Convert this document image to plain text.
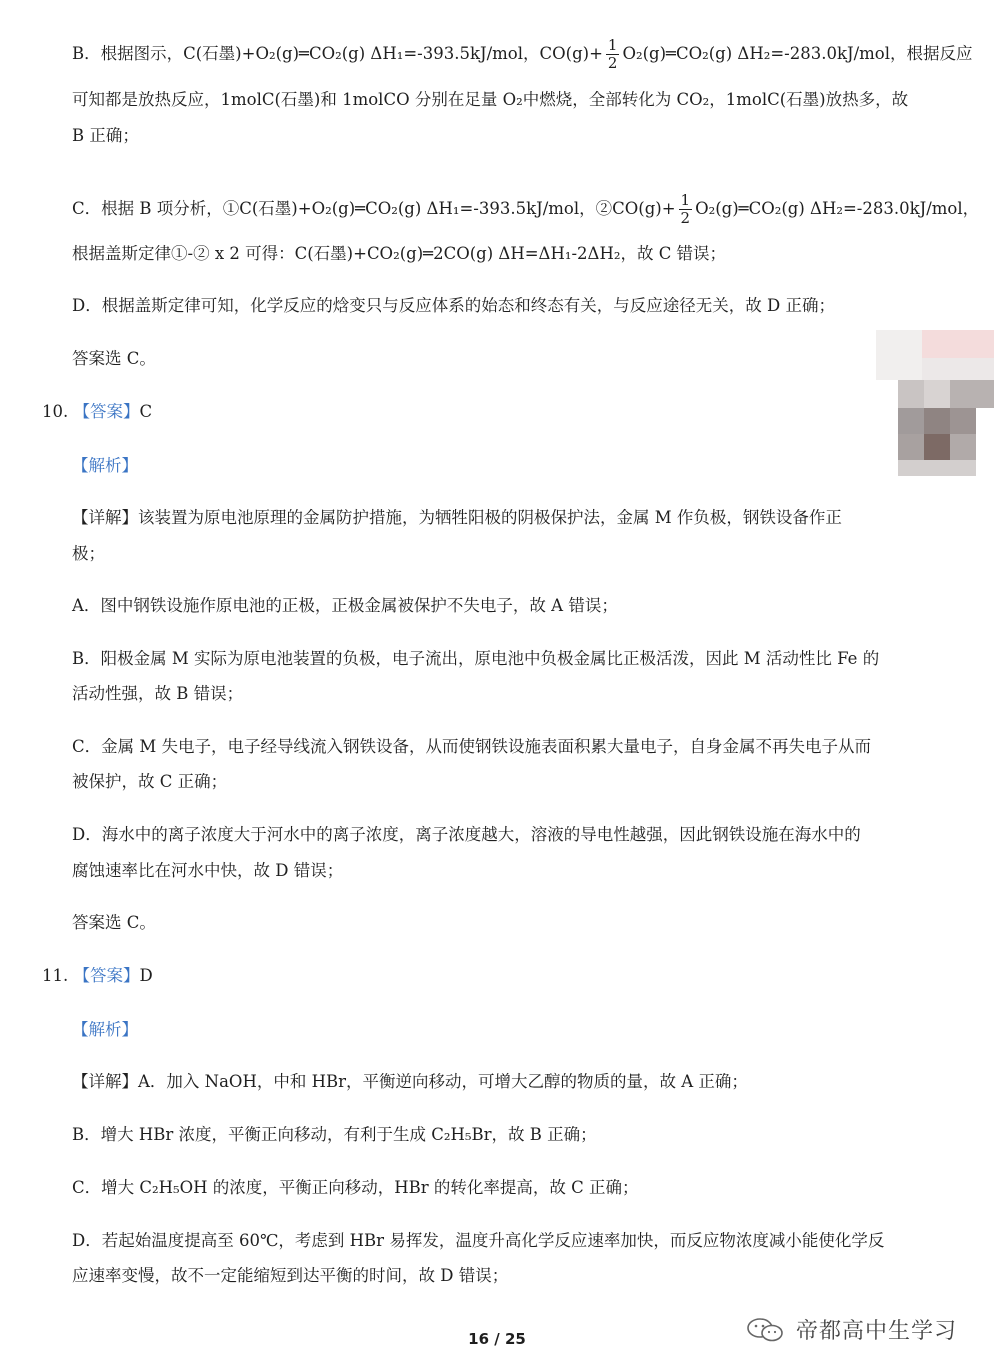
B．根据图示，C(石墨)+O₂(g)═CO₂(g) ΔH₁=-393.5kJ/mol，$CO(g)+ \frac{1}{2}$ O₂(g)═CO₂(g) ΔH₂=-283.0kJ/mol，根据反应
可知都是放热反应，1molC(石墨)和 1molCO 分别在足量 O₂中燃烧，全部转化为 CO₂，1molC(石墨)放热多，故
B 正确；
C．根据 B 项分析，①C(石墨)+O₂(g)═CO₂(g) ΔH₁=-393.5kJ/mol，②CO(g)+ $\frac{1}{2}$ O₂(g)═CO₂(g) ΔH₂=-283.0kJ/mol，
根据盖斯定律①-② x 2 可得：C(石墨)+CO₂(g)═2CO(g) ΔH=ΔH₁-2ΔH₂，故 C 错误；
D．根据盖斯定律可知，化学反应的焓变只与反应体系的始态和终态有关，与反应途径无关，故 D 正确；
答案选 C。
10. 【答案】C
【解析】
【详解】该装置为原电池原理的金属防护措施，为牺牲阳极的阴极保护法，金属 M 作负极，钢铁设备作正
极；
A．图中钢铁设施作原电池的正极，正极金属被保护不失电子，故 A 错误；
B．阳极金属 M 实际为原电池装置的负极，电子流出，原电池中负极金属比正极活泼，因此 M 活动性比 Fe 的
活动性强，故 B 错误；
C．金属 M 失电子，电子经导线流入钢铁设备，从而使钢铁设施表面积累大量电子，自身金属不再失电子从而
被保护，故 C 正确；
D．海水中的离子浓度大于河水中的离子浓度，离子浓度越大，溶液的导电性越强，因此钢铁设施在海水中的
腐蚀速率比在河水中快，故 D 错误；
答案选 C。
11. 【答案】D
【解析】
【详解】A．加入 NaOH，中和 HBr，平衡逆向移动，可增大乙醇的物质的量，故 A 正确；
B．增大 HBr 浓度，平衡正向移动，有利于生成 C₂H₅Br，故 B 正确；
C．增大 C₂H₅OH 的浓度，平衡正向移动，HBr 的转化率提高，故 C 正确；
D．若起始温度提高至 60℃，考虑到 HBr 易挥发，温度升高化学反应速率加快，而反应物浓度减小能使化学反
应速率变慢，故不一定能缩短到达平衡的时间，故 D 错误；
16 / 25	帝都高中生学习
